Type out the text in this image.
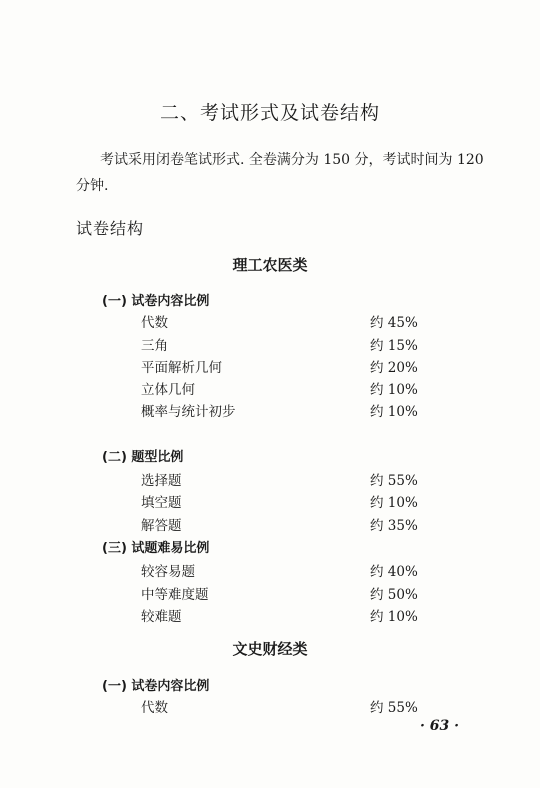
二、考试形式及试卷结构
考试采用闭卷笔试形式. 全卷满分为 150 分，考试时间为 120
分钟.
试卷结构
理工农医类
(一) 试卷内容比例
代数	约 45%
三角	约 15%
平面解析几何	约 20%
立体几何	约 10%
概率与统计初步	约 10%
(二) 题型比例
选择题	约 55%
填空题	约 10%
解答题	约 35%
(三) 试题难易比例
较容易题	约 40%
中等难度题	约 50%
较难题	约 10%
文史财经类
(一) 试卷内容比例
代数	约 55%
· 63 ·
